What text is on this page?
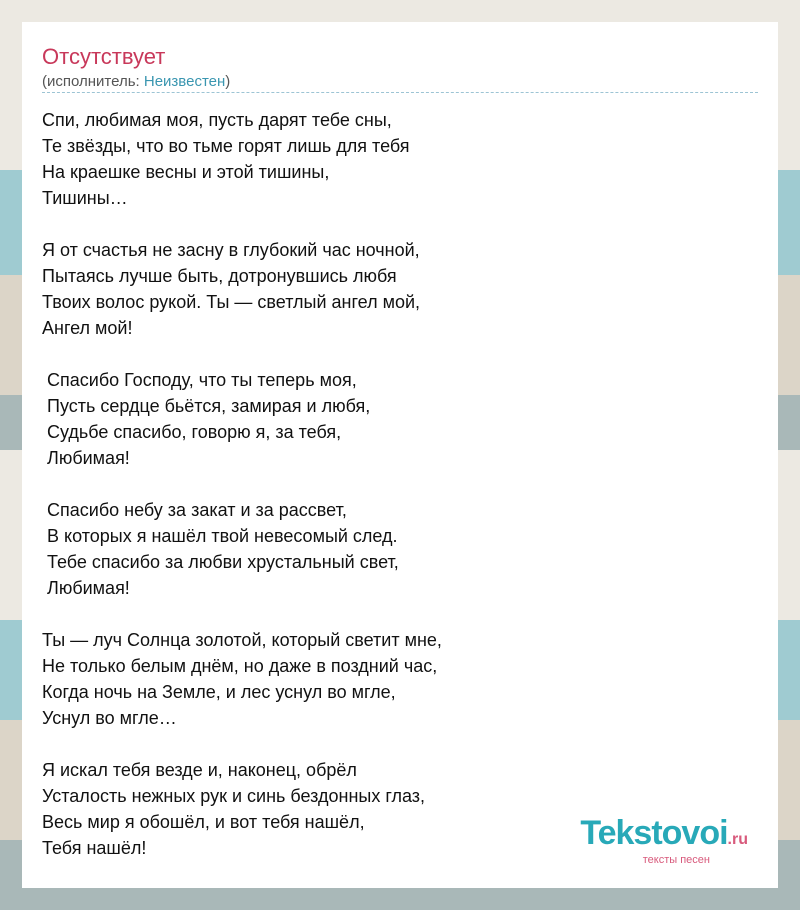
Отсутствует
(исполнитель: Неизвестен)
Спи, любимая моя, пусть дарят тебе сны,
Те звёзды, что во тьме горят лишь для тебя
На краешке весны и этой тишины,
Тишины…
Я от счастья не засну в глубокий час ночной,
Пытаясь лучше быть, дотронувшись любя
Твоих волос рукой. Ты — светлый ангел мой,
Ангел мой!
Спасибо Господу, что ты теперь моя,
Пусть сердце бьётся, замирая и любя,
Судьбе спасибо, говорю я, за тебя,
Любимая!
Спасибо небу за закат и за рассвет,
В которых я нашёл твой невесомый след.
Тебе спасибо за любви хрустальный свет,
Любимая!
Ты — луч Солнца золотой, который светит мне,
Не только белым днём, но даже в поздний час,
Когда ночь на Земле, и лес уснул во мгле,
Уснул во мгле…
Я искал тебя везде и, наконец, обрёл
Усталость нежных рук и синь бездонных глаз,
Весь мир я обошёл, и вот тебя нашёл,
Тебя нашёл!	Tekstovoi.ru
тексты песен
